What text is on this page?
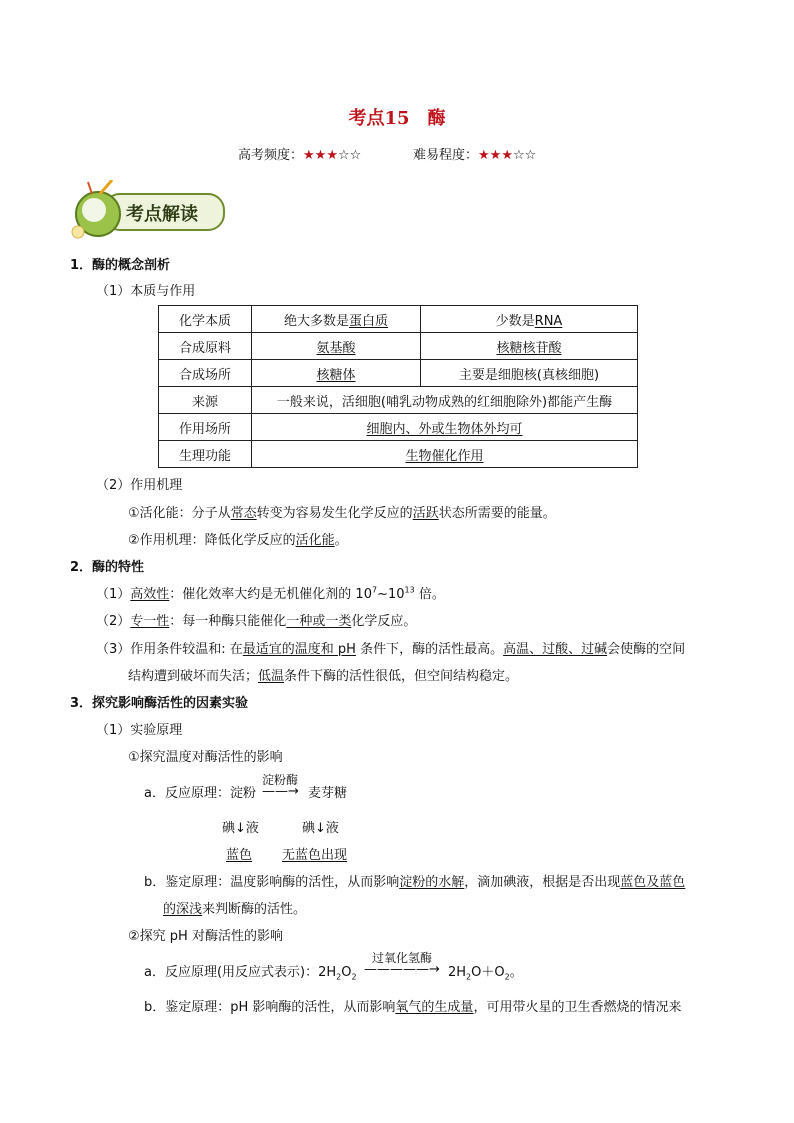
考点15　酶
高考频度：★★★☆☆	难易程度：★★★☆☆
考点解读
1．酶的概念剖析
（1）本质与作用
化学本质	绝大多数是蛋白质	少数是RNA
合成原料	氨基酸	核糖核苷酸
合成场所	核糖体	主要是细胞核(真核细胞)
来源	一般来说，活细胞(哺乳动物成熟的红细胞除外)都能产生酶	
作用场所	细胞内、外或生物体外均可	
生理功能	生物催化作用	
（2）作用机理
①活化能：分子从常态转变为容易发生化学反应的活跃状态所需要的能量。
②作用机理：降低化学反应的活化能。
2．酶的特性
（1）高效性：催化效率大约是无机催化剂的 $10^7\sim 10^{13}$ 倍。
（2）专一性：每一种酶只能催化一种或一类化学反应。
（3）作用条件较温和: 在最适宜的温度和 pH 条件下，酶的活性最高。高温、过酸、过碱会使酶的空间
结构遭到破坏而失活；低温条件下酶的活性很低，但空间结构稳定。
3．探究影响酶活性的因素实验
（1）实验原理
①探究温度对酶活性的影响
a．反应原理：淀粉
淀粉酶
——→ 麦芽糖
碘↓液	碘↓液
蓝色 无蓝色出现
b．鉴定原理：温度影响酶的活性，从而影响淀粉的水解，滴加碘液，根据是否出现蓝色及蓝色
的深浅来判断酶的活性。
②探究 pH 对酶活性的影响
a．反应原理(用反应式表示)：$2H_2O_2$
过氧化氢酶
—————→ $2H_2O+O_2$。
b．鉴定原理：pH 影响酶的活性，从而影响氧气的生成量，可用带火星的卫生香燃烧的情况来
